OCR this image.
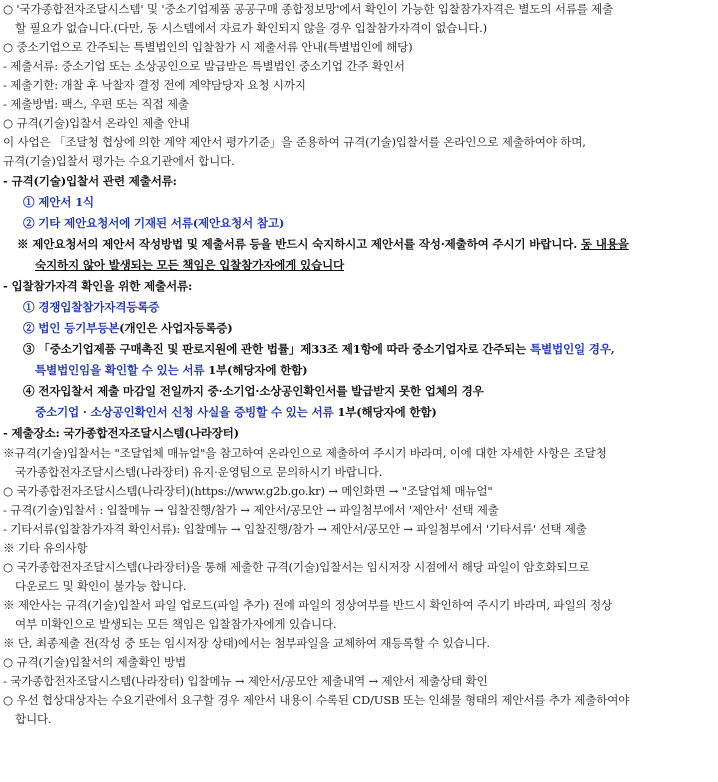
○ '국가종합전자조달시스템' 및 '중소기업제품 공공구매 종합정보망'에서 확인이 가능한 입찰참가자격은 별도의 서류를 제출
할 필요가 없습니다.(다만, 동 시스템에서 자료가 확인되지 않을 경우 입찰참가자격이 없습니다.)
○ 중소기업으로 간주되는 특별법인의 입찰참가 시 제출서류 안내(특별법인에 해당)
- 제출서류: 중소기업 또는 소상공인으로 발급받은 특별법인 중소기업 간주 확인서
- 제출기한: 개찰 후 낙찰자 결정 전에 계약담당자 요청 시까지
- 제출방법: 팩스, 우편 또는 직접 제출
○ 규격(기술)입찰서 온라인 제출 안내
이 사업은 「조달청 협상에 의한 계약 제안서 평가기준」을 준용하여 규격(기술)입찰서를 온라인으로 제출하여야 하며,
규격(기술)입찰서 평가는 수요기관에서 합니다.
- 규격(기술)입찰서 관련 제출서류:
① 제안서 1식
② 기타 제안요청서에 기재된 서류(제안요청서 참고)
※ 제안요청서의 제안서 작성방법 및 제출서류 등을 반드시 숙지하시고 제안서를 작성·제출하여 주시기 바랍니다. 동 내용을
숙지하지 않아 발생되는 모든 책임은 입찰참가자에게 있습니다
- 입찰참가자격 확인을 위한 제출서류:
① 경쟁입찰참가자격등록증
② 법인 등기부등본(개인은 사업자등록증)
③ 「중소기업제품 구매촉진 및 판로지원에 관한 법률」제33조 제1항에 따라 중소기업자로 간주되는 특별법인일 경우,
특별법인임을 확인할 수 있는 서류 1부(해당자에 한함)
④ 전자입찰서 제출 마감일 전일까지 중·소기업·소상공인확인서를 발급받지 못한 업체의 경우
중소기업 · 소상공인확인서 신청 사실을 증빙할 수 있는 서류 1부(해당자에 한함)
- 제출장소: 국가종합전자조달시스템(나라장터)
※규격(기술)입찰서는 "조달업체 매뉴얼"을 참고하여 온라인으로 제출하여 주시기 바라며, 이에 대한 자세한 사항은 조달청
국가종합전자조달시스템(나라장터) 유지·운영팀으로 문의하시기 바랍니다.
○ 국가종합전자조달시스템(나라장터)(https://www.g2b.go.kr) → 메인화면 → "조달업체 매뉴얼"
- 규격(기술)입찰서 : 입찰메뉴 → 입찰진행/참가 → 제안서/공모안 → 파일첨부에서 '제안서' 선택 제출
- 기타서류(입찰참가자격 확인서류): 입찰메뉴 → 입찰진행/참가 → 제안서/공모안 → 파일첨부에서 '기타서류' 선택 제출
※ 기타 유의사항
○ 국가종합전자조달시스템(나라장터)을 통해 제출한 규격(기술)입찰서는 임시저장 시점에서 해당 파일이 암호화되므로
다운로드 및 확인이 불가능 합니다.
※ 제안사는 규격(기술)입찰서 파일 업로드(파일 추가) 전에 파일의 정상여부를 반드시 확인하여 주시기 바라며, 파일의 정상
여부 미확인으로 발생되는 모든 책임은 입찰참가자에게 있습니다.
※ 단, 최종제출 전(작성 중 또는 임시저장 상태)에서는 첨부파일을 교체하여 재등록할 수 있습니다.
○ 규격(기술)입찰서의 제출확인 방법
- 국가종합전자조달시스템(나라장터) 입찰메뉴 → 제안서/공모안 제출내역 → 제안서 제출상태 확인
○ 우선 협상대상자는 수요기관에서 요구할 경우 제안서 내용이 수록된 CD/USB 또는 인쇄물 형태의 제안서를 추가 제출하여야
합니다.
